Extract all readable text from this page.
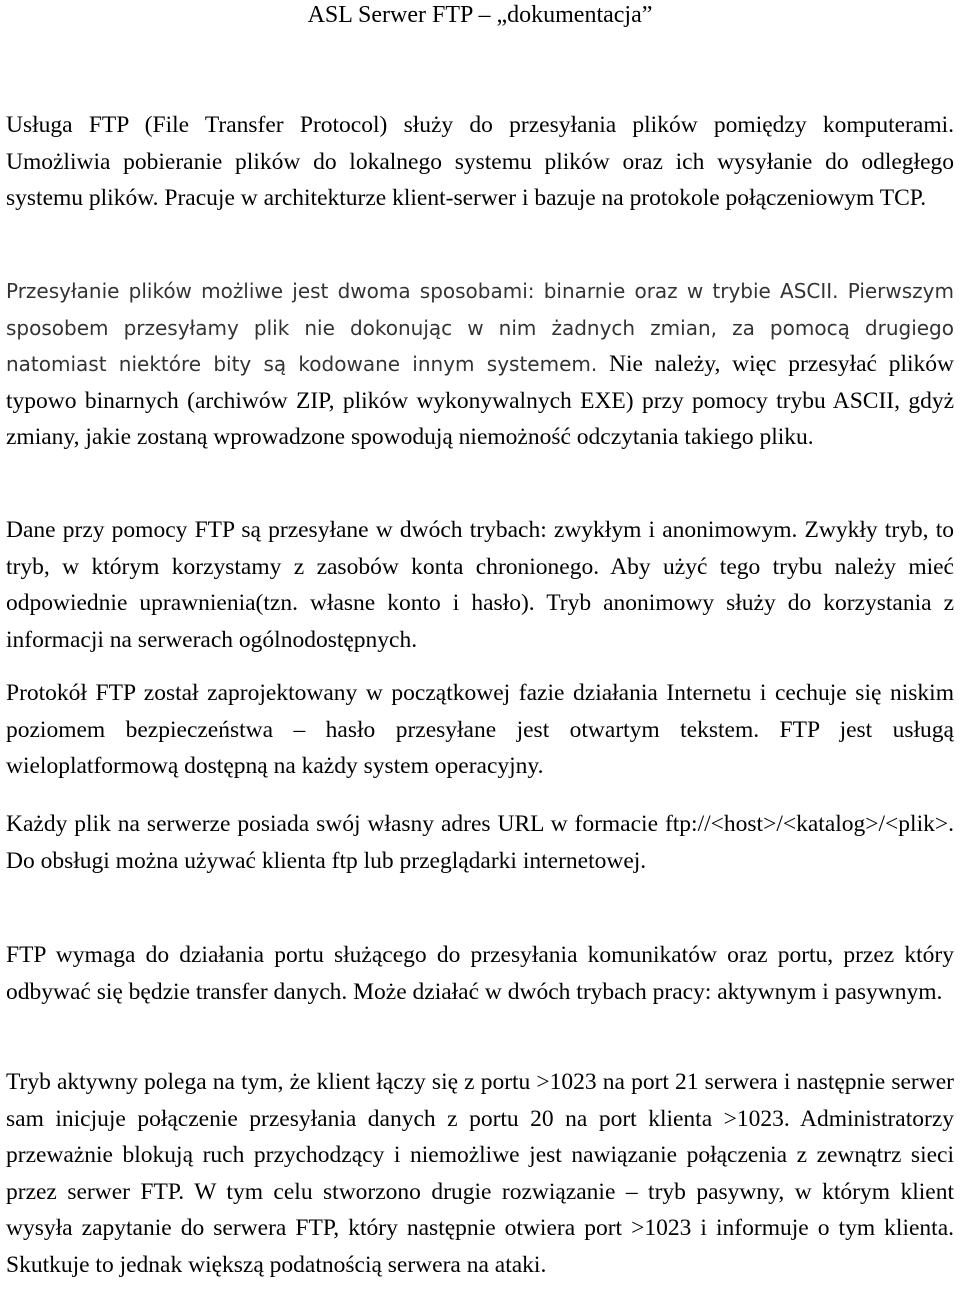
ASL Serwer FTP – „dokumentacja”

Usługa FTP (File Transfer Protocol) służy do przesyłania plików pomiędzy komputerami. Umożliwia pobieranie plików do lokalnego systemu plików oraz ich wysyłanie do odległego systemu plików. Pracuje w architekturze klient-serwer i bazuje na protokole połączeniowym TCP.

Przesyłanie plików możliwe jest dwoma sposobami: binarnie oraz w trybie ASCII. Pierwszym sposobem przesyłamy plik nie dokonując w nim żadnych zmian, za pomocą drugiego natomiast niektóre bity są kodowane innym systemem. Nie należy, więc przesyłać plików typowo binarnych (archiwów ZIP, plików wykonywalnych EXE) przy pomocy trybu ASCII, gdyż zmiany, jakie zostaną wprowadzone spowodują niemożność odczytania takiego pliku.

Dane przy pomocy FTP są przesyłane w dwóch trybach: zwykłym i anonimowym. Zwykły tryb, to tryb, w którym korzystamy z zasobów konta chronionego. Aby użyć tego trybu należy mieć odpowiednie uprawnienia(tzn. własne konto i hasło). Tryb anonimowy służy do korzystania z informacji na serwerach ogólnodostępnych.

Protokół FTP został zaprojektowany w początkowej fazie działania Internetu i cechuje się niskim poziomem bezpieczeństwa – hasło przesyłane jest otwartym tekstem. FTP jest usługą wieloplatformową dostępną na każdy system operacyjny.

Każdy plik na serwerze posiada swój własny adres URL w formacie ftp://<host>/<katalog>/<plik>. Do obsługi można używać klienta ftp lub przeglądarki internetowej.

FTP wymaga do działania portu służącego do przesyłania komunikatów oraz portu, przez który odbywać się będzie transfer danych. Może działać w dwóch trybach pracy: aktywnym i pasywnym.

Tryb aktywny polega na tym, że klient łączy się z portu >1023 na port 21 serwera i następnie serwer sam inicjuje połączenie przesyłania danych z portu 20 na port klienta >1023. Administratorzy przeważnie blokują ruch przychodzący i niemożliwe jest nawiązanie połączenia z zewnątrz sieci przez serwer FTP. W tym celu stworzono drugie rozwiązanie – tryb pasywny, w którym klient wysyła zapytanie do serwera FTP, który następnie otwiera port >1023 i informuje o tym klienta. Skutkuje to jednak większą podatnością serwera na ataki.
